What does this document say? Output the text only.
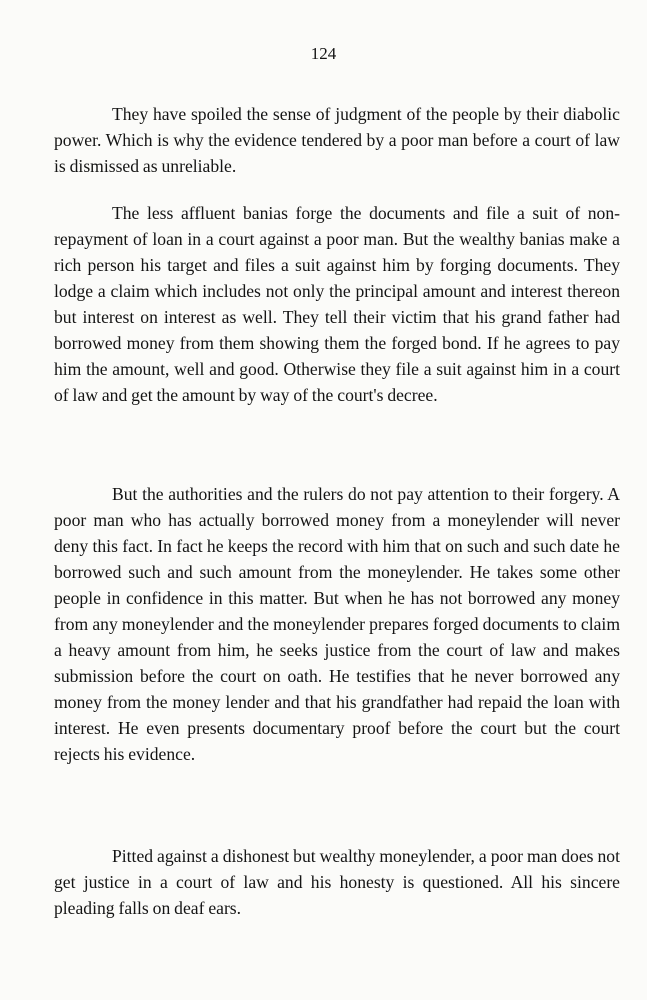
124

They have spoiled the sense of judgment of the people by their diabolic power. Which is why the evidence tendered by a poor man before a court of law is dismissed as unreliable.

The less affluent banias forge the documents and file a suit of non-repayment of loan in a court against a poor man. But the wealthy banias make a rich person his target and files a suit against him by forging documents. They lodge a claim which includes not only the principal amount and interest thereon but interest on interest as well. They tell their victim that his grand father had borrowed money from them showing them the forged bond. If he agrees to pay him the amount, well and good. Otherwise they file a suit against him in a court of law and get the amount by way of the court's decree.

But the authorities and the rulers do not pay attention to their forgery. A poor man who has actually borrowed money from a moneylender will never deny this fact. In fact he keeps the record with him that on such and such date he borrowed such and such amount from the moneylender. He takes some other people in confidence in this matter. But when he has not borrowed any money from any moneylender and the moneylender prepares forged documents to claim a heavy amount from him, he seeks justice from the court of law and makes submission before the court on oath. He testifies that he never borrowed any money from the money lender and that his grandfather had repaid the loan with interest. He even presents documentary proof before the court but the court rejects his evidence.

Pitted against a dishonest but wealthy moneylender, a poor man does not get justice in a court of law and his honesty is questioned. All his sincere pleading falls on deaf ears.
